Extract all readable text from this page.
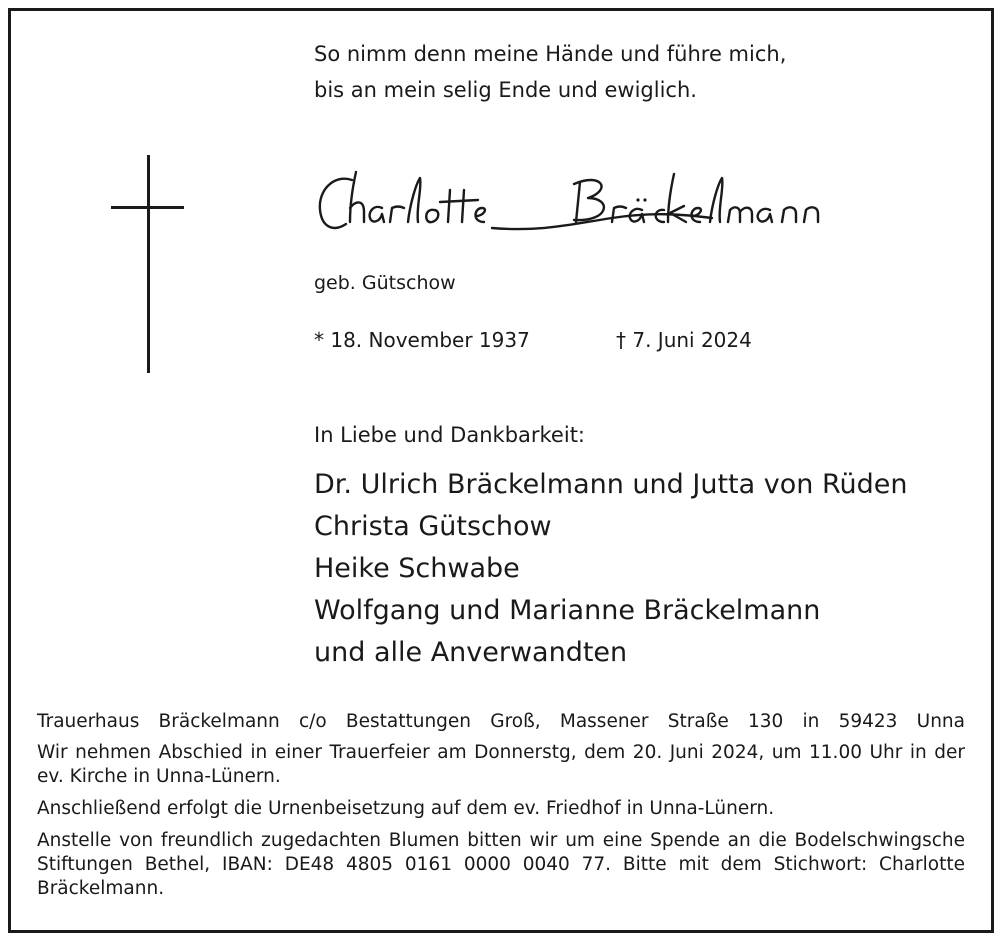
So nimm denn meine Hände und führe mich,
bis an mein selig Ende und ewiglich.
geb. Gütschow
* 18. November 1937	† 7. Juni 2024
In Liebe und Dankbarkeit:
Dr. Ulrich Bräckelmann und Jutta von Rüden
Christa Gütschow
Heike Schwabe
Wolfgang und Marianne Bräckelmann
und alle Anverwandten

Trauerhaus Bräckelmann c/o Bestattungen Groß, Massener Straße 130 in 59423 Unna

Wir nehmen Abschied in einer Trauerfeier am Donnerstg, dem 20. Juni 2024, um 11.00 Uhr in der ev. Kirche in Unna-Lünern.

Anschließend erfolgt die Urnenbeisetzung auf dem ev. Friedhof in Unna-Lünern.

Anstelle von freundlich zugedachten Blumen bitten wir um eine Spende an die Bodelschwingsche Stiftungen Bethel, IBAN: DE48 4805 0161 0000 0040 77. Bitte mit dem Stichwort: Charlotte Bräckelmann.
